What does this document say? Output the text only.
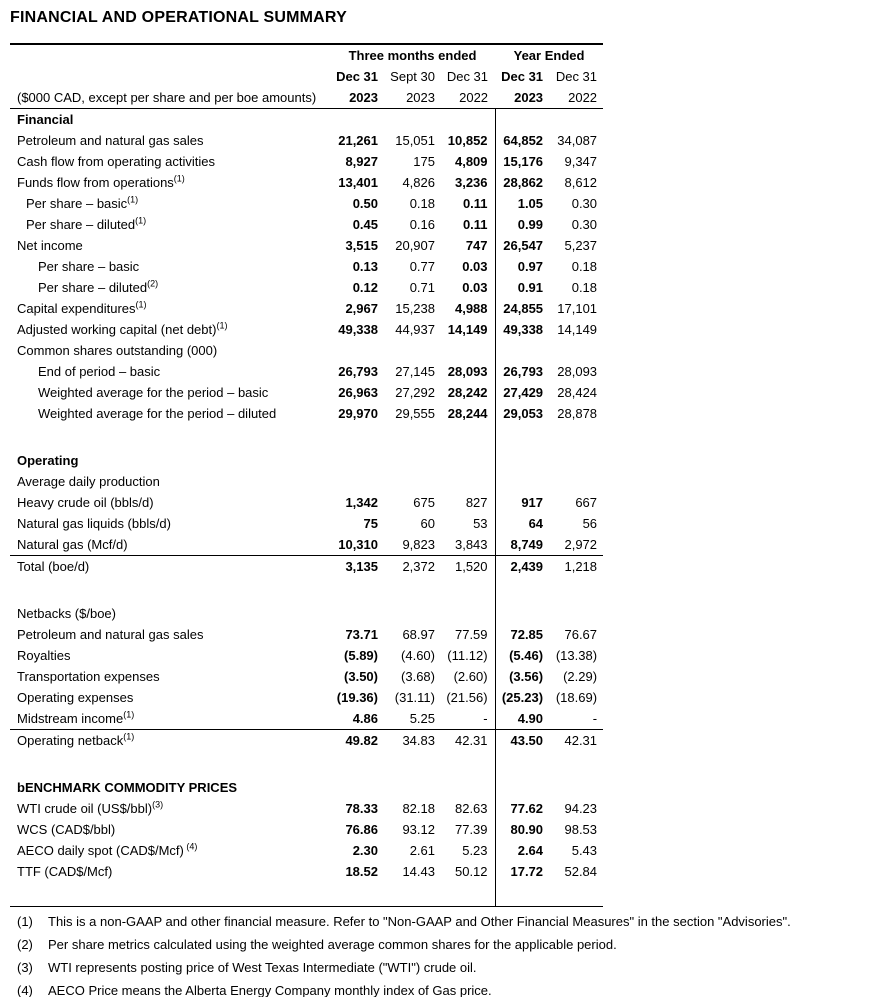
FINANCIAL AND OPERATIONAL SUMMARY
	Three months ended			Year Ended	
	Dec 31	Sept 30	Dec 31	Dec 31	Dec 31
($000 CAD, except per share and per boe amounts)	2023	2023	2022	2023	2022
Financial					
Petroleum and natural gas sales	21,261	15,051	10,852	64,852	34,087
Cash flow from operating activities	8,927	175	4,809	15,176	9,347
Funds flow from operations$^{(1)}$	13,401	4,826	3,236	28,862	8,612
Per share – basic$^{(1)}$	0.50	0.18	0.11	1.05	0.30
Per share – diluted$^{(1)}$	0.45	0.16	0.11	0.99	0.30
Net income	3,515	20,907	747	26,547	5,237
Per share – basic	0.13	0.77	0.03	0.97	0.18
Per share – diluted$^{(2)}$	0.12	0.71	0.03	0.91	0.18
Capital expenditures$^{(1)}$	2,967	15,238	4,988	24,855	17,101
Adjusted working capital (net debt)$^{(1)}$	49,338	44,937	14,149	49,338	14,149
Common shares outstanding (000)					
End of period – basic	26,793	27,145	28,093	26,793	28,093
Weighted average for the period – basic	26,963	27,292	28,242	27,429	28,424
Weighted average for the period – diluted	29,970	29,555	28,244	29,053	28,878

Operating					
Average daily production					
Heavy crude oil (bbls/d)	1,342	675	827	917	667
Natural gas liquids (bbls/d)	75	60	53	64	56
Natural gas (Mcf/d)	10,310	9,823	3,843	8,749	2,972
Total (boe/d)	3,135	2,372	1,520	2,439	1,218

Netbacks ($/boe)					
Petroleum and natural gas sales	73.71	68.97	77.59	72.85	76.67
Royalties	(5.89)	(4.60)	(11.12)	(5.46)	(13.38)
Transportation expenses	(3.50)	(3.68)	(2.60)	(3.56)	(2.29)
Operating expenses	(19.36)	(31.11)	(21.56)	(25.23)	(18.69)
Midstream income$^{(1)}$	4.86	5.25	-	4.90	-
Operating netback$^{(1)}$	49.82	34.83	42.31	43.50	42.31

bENCHMARK COMMODITY PRICES					
WTI crude oil (US$/bbl)$^{(3)}$	78.33	82.18	82.63	77.62	94.23
WCS (CAD$/bbl)	76.86	93.12	77.39	80.90	98.53
AECO daily spot (CAD$/Mcf) $^{(4)}$	2.30	2.61	5.23	2.64	5.43
TTF (CAD$/Mcf)	18.52	14.43	50.12	17.72	52.84

(1)	This is a non-GAAP and other financial measure. Refer to "Non-GAAP and Other Financial Measures" in the section "Advisories".
(2)	Per share metrics calculated using the weighted average common shares for the applicable period.
(3)	WTI represents posting price of West Texas Intermediate ("WTI") crude oil.
(4)	AECO Price means the Alberta Energy Company monthly index of Gas price.
